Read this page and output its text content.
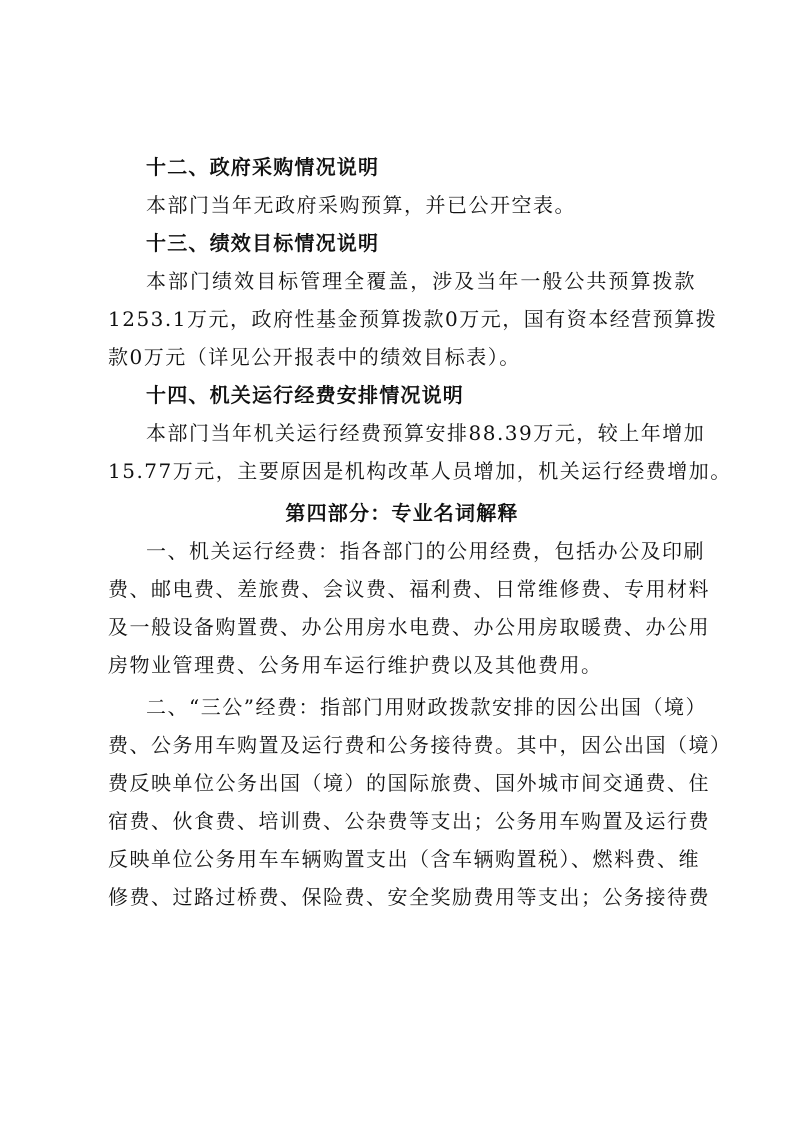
十二、政府采购情况说明
本部门当年无政府采购预算，并已公开空表。
十三、绩效目标情况说明
本部门绩效目标管理全覆盖，涉及当年一般公共预算拨款
1253.1万元，政府性基金预算拨款0万元，国有资本经营预算拨
款0万元（详见公开报表中的绩效目标表）。
十四、机关运行经费安排情况说明
本部门当年机关运行经费预算安排88.39万元，较上年增加
15.77万元，主要原因是机构改革人员增加，机关运行经费增加。
第四部分：专业名词解释
一、机关运行经费：指各部门的公用经费，包括办公及印刷
费、邮电费、差旅费、会议费、福利费、日常维修费、专用材料
及一般设备购置费、办公用房水电费、办公用房取暖费、办公用
房物业管理费、公务用车运行维护费以及其他费用。
二、“三公”经费：指部门用财政拨款安排的因公出国（境）
费、公务用车购置及运行费和公务接待费。其中，因公出国（境）
费反映单位公务出国（境）的国际旅费、国外城市间交通费、住
宿费、伙食费、培训费、公杂费等支出；公务用车购置及运行费
反映单位公务用车车辆购置支出（含车辆购置税）、燃料费、维
修费、过路过桥费、保险费、安全奖励费用等支出；公务接待费
